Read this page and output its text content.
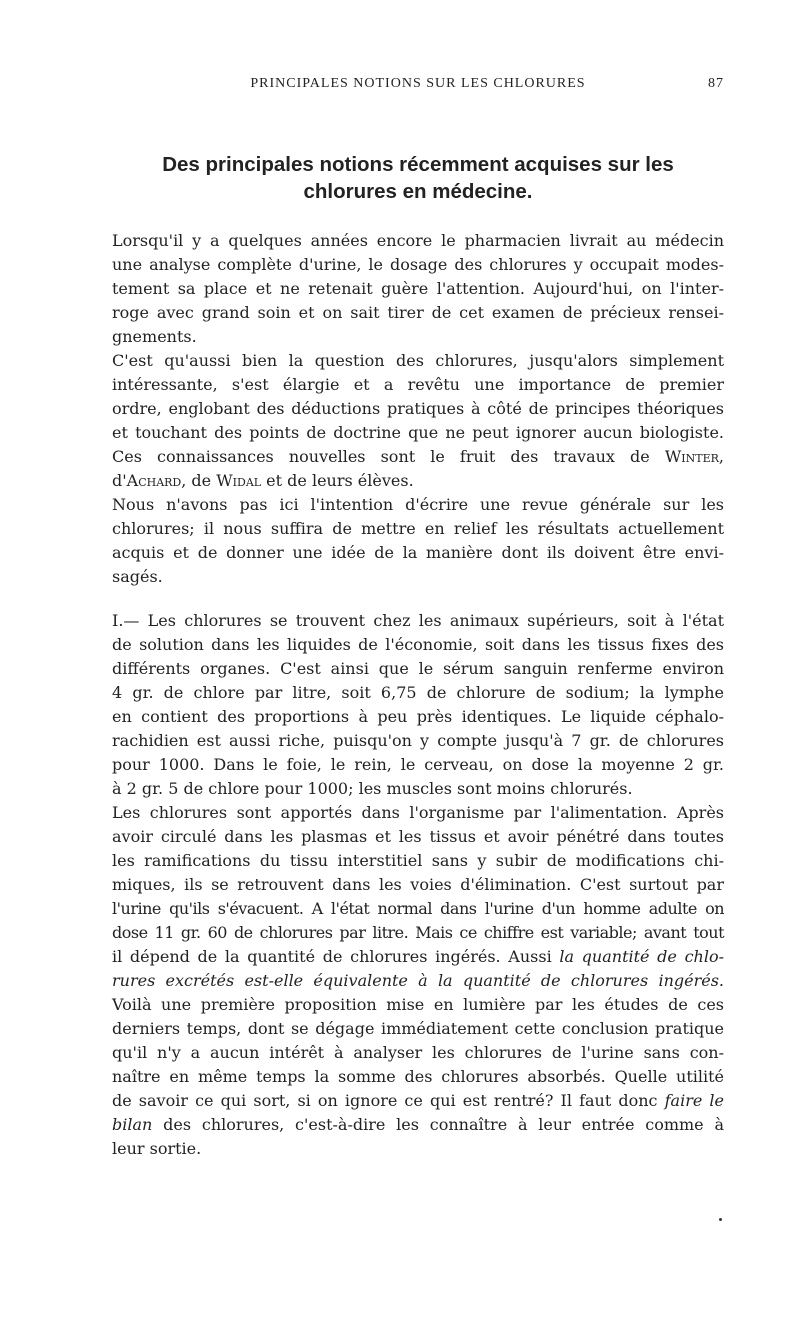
PRINCIPALES NOTIONS SUR LES CHLORURES	87
Des principales notions récemment acquises sur les
chlorures en médecine.
Lorsqu'il y a quelques années encore le pharmacien livrait au médecin
une analyse complète d'urine, le dosage des chlorures y occupait modes-
tement sa place et ne retenait guère l'attention. Aujourd'hui, on l'inter-
roge avec grand soin et on sait tirer de cet examen de précieux rensei-
gnements.
C'est qu'aussi bien la question des chlorures, jusqu'alors simplement
intéressante, s'est élargie et a revêtu une importance de premier
ordre, englobant des déductions pratiques à côté de principes théoriques
et touchant des points de doctrine que ne peut ignorer aucun biologiste.
Ces connaissances nouvelles sont le fruit des travaux de Winter,
d'Achard, de Widal et de leurs élèves.
Nous n'avons pas ici l'intention d'écrire une revue générale sur les
chlorures; il nous suffira de mettre en relief les résultats actuellement
acquis et de donner une idée de la manière dont ils doivent être envi-
sagés.
I.— Les chlorures se trouvent chez les animaux supérieurs, soit à l'état
de solution dans les liquides de l'économie, soit dans les tissus fixes des
différents organes. C'est ainsi que le sérum sanguin renferme environ
4 gr. de chlore par litre, soit 6,75 de chlorure de sodium; la lymphe
en contient des proportions à peu près identiques. Le liquide céphalo-
rachidien est aussi riche, puisqu'on y compte jusqu'à 7 gr. de chlorures
pour 1000. Dans le foie, le rein, le cerveau, on dose la moyenne 2 gr.
à 2 gr. 5 de chlore pour 1000; les muscles sont moins chlorurés.
Les chlorures sont apportés dans l'organisme par l'alimentation. Après
avoir circulé dans les plasmas et les tissus et avoir pénétré dans toutes
les ramifications du tissu interstitiel sans y subir de modifications chi-
miques, ils se retrouvent dans les voies d'élimination. C'est surtout par
l'urine qu'ils s'évacuent. A l'état normal dans l'urine d'un homme adulte on
dose 11 gr. 60 de chlorures par litre. Mais ce chiffre est variable; avant tout
il dépend de la quantité de chlorures ingérés. Aussi la quantité de chlo-
rures excrétés est-elle équivalente à la quantité de chlorures ingérés.
Voilà une première proposition mise en lumière par les études de ces
derniers temps, dont se dégage immédiatement cette conclusion pratique
qu'il n'y a aucun intérêt à analyser les chlorures de l'urine sans con-
naître en même temps la somme des chlorures absorbés. Quelle utilité
de savoir ce qui sort, si on ignore ce qui est rentré? Il faut donc faire le
bilan des chlorures, c'est-à-dire les connaître à leur entrée comme à
leur sortie.
